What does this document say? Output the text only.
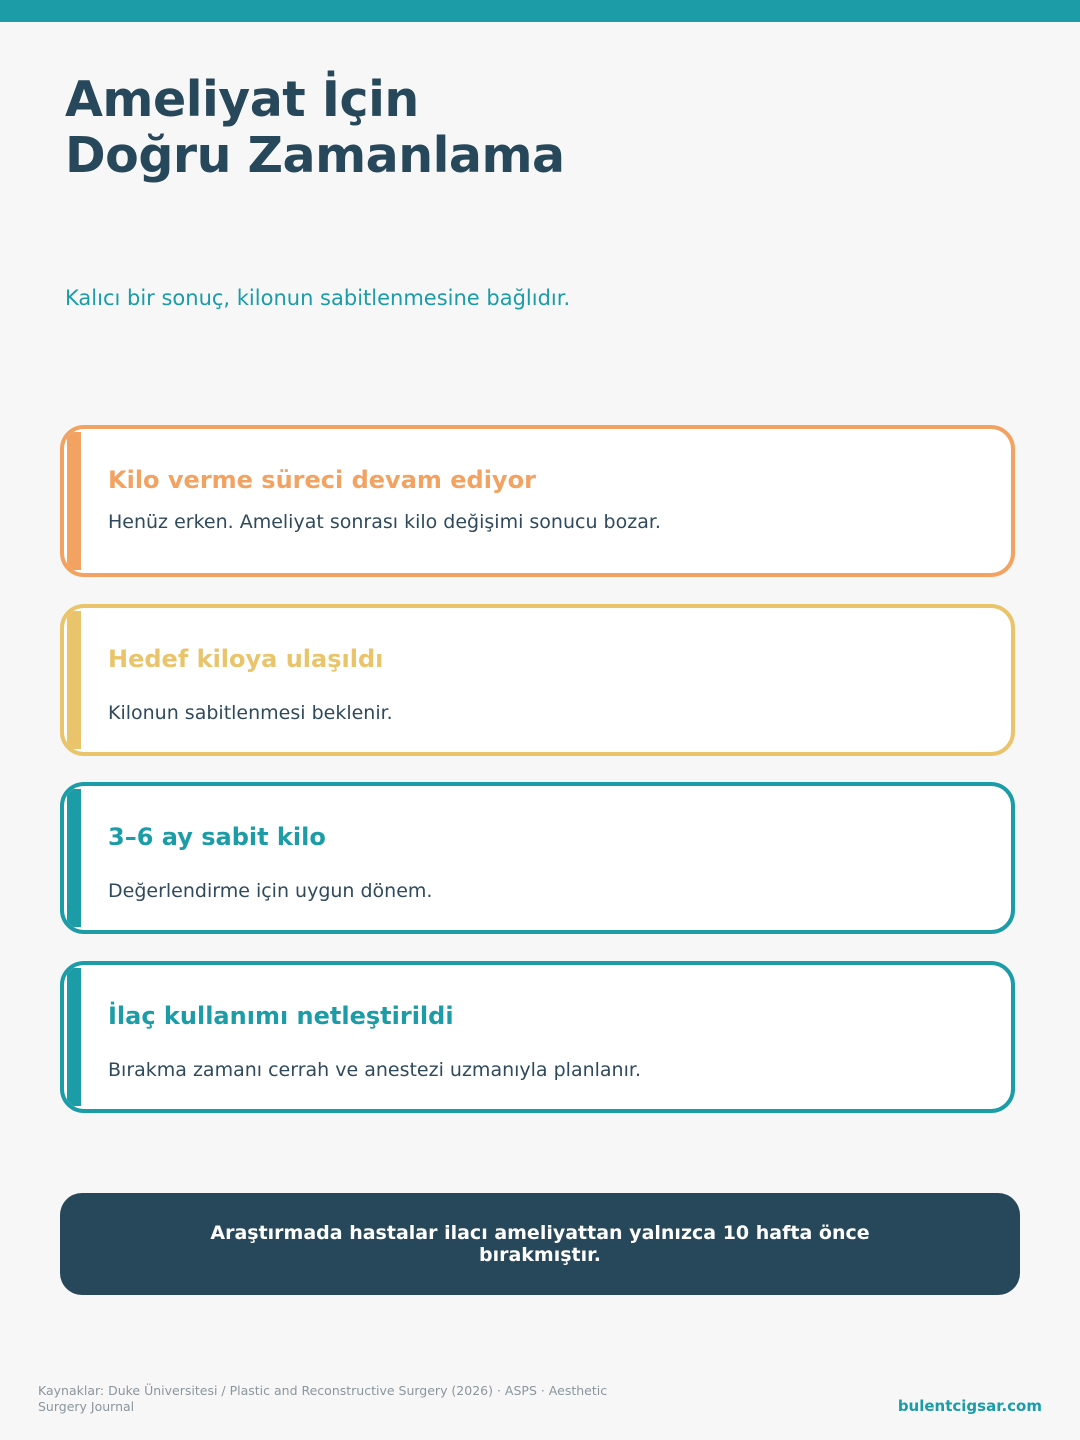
Ameliyat İçin
Doğru Zamanlama

Kalıcı bir sonuç, kilonun sabitlenmesine bağlıdır.

Kilo verme süreci devam ediyor

Henüz erken. Ameliyat sonrası kilo değişimi sonucu bozar.

Hedef kiloya ulaşıldı

Kilonun sabitlenmesi beklenir.

3–6 ay sabit kilo

Değerlendirme için uygun dönem.

İlaç kullanımı netleştirildi

Bırakma zamanı cerrah ve anestezi uzmanıyla planlanır.

Araştırmada hastalar ilacı ameliyattan yalnızca 10 hafta önce bırakmıştır.

Kaynaklar: Duke Üniversitesi / Plastic and Reconstructive Surgery (2026) · ASPS · Aesthetic Surgery Journal	bulentcigsar.com
